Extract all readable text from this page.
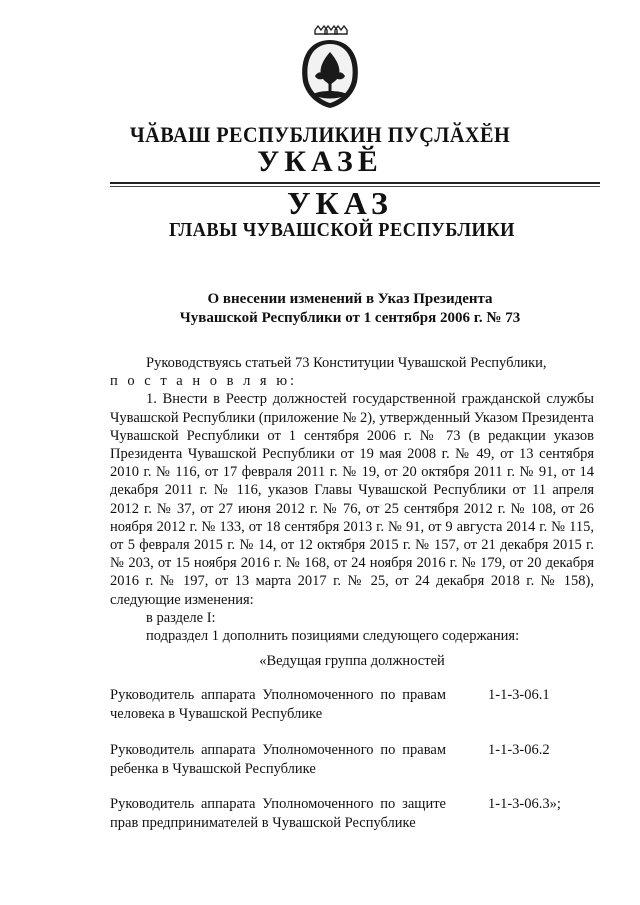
ЧӐВАШ РЕСПУБЛИКИН ПУҪЛӐХӖН
УКАЗӖ
УКАЗ
ГЛАВЫ ЧУВАШСКОЙ РЕСПУБЛИКИ
О внесении изменений в Указ Президента
Чувашской Республики от 1 сентября 2006 г. № 73

Руководствуясь статьей 73 Конституции Чувашской Республики,

п о с т а н о в л я ю:

1. Внести в Реестр должностей государственной гражданской службы Чувашской Республики (приложение № 2), утвержденный Указом Президента Чувашской Республики от 1 сентября 2006 г. № 73 (в редакции указов Президента Чувашской Республики от 19 мая 2008 г. № 49, от 13 сентября 2010 г. № 116, от 17 февраля 2011 г. № 19, от 20 октября 2011 г. № 91, от 14 декабря 2011 г. № 116, указов Главы Чувашской Республики от 11 апреля 2012 г. № 37, от 27 июня 2012 г. № 76, от 25 сентября 2012 г. № 108, от 26 ноября 2012 г. № 133, от 18 сентября 2013 г. № 91, от 9 августа 2014 г. № 115, от 5 февраля 2015 г. № 14, от 12 октября 2015 г. № 157, от 21 декабря 2015 г. № 203, от 15 ноября 2016 г. № 168, от 24 ноября 2016 г. № 179, от 20 декабря 2016 г. № 197, от 13 марта 2017 г. № 25, от 24 декабря 2018 г. № 158), следующие изменения:

в разделе I:

подраздел 1 дополнить позициями следующего содержания:

«Ведущая группа должностей
Руководитель аппарата Уполномоченного по правам человека в Чувашской Республике
1-1-3-06.1
Руководитель аппарата Уполномоченного по правам ребенка в Чувашской Республике
1-1-3-06.2
Руководитель аппарата Уполномоченного по защите прав предпринимателей в Чувашской Республике
1-1-3-06.3»;
